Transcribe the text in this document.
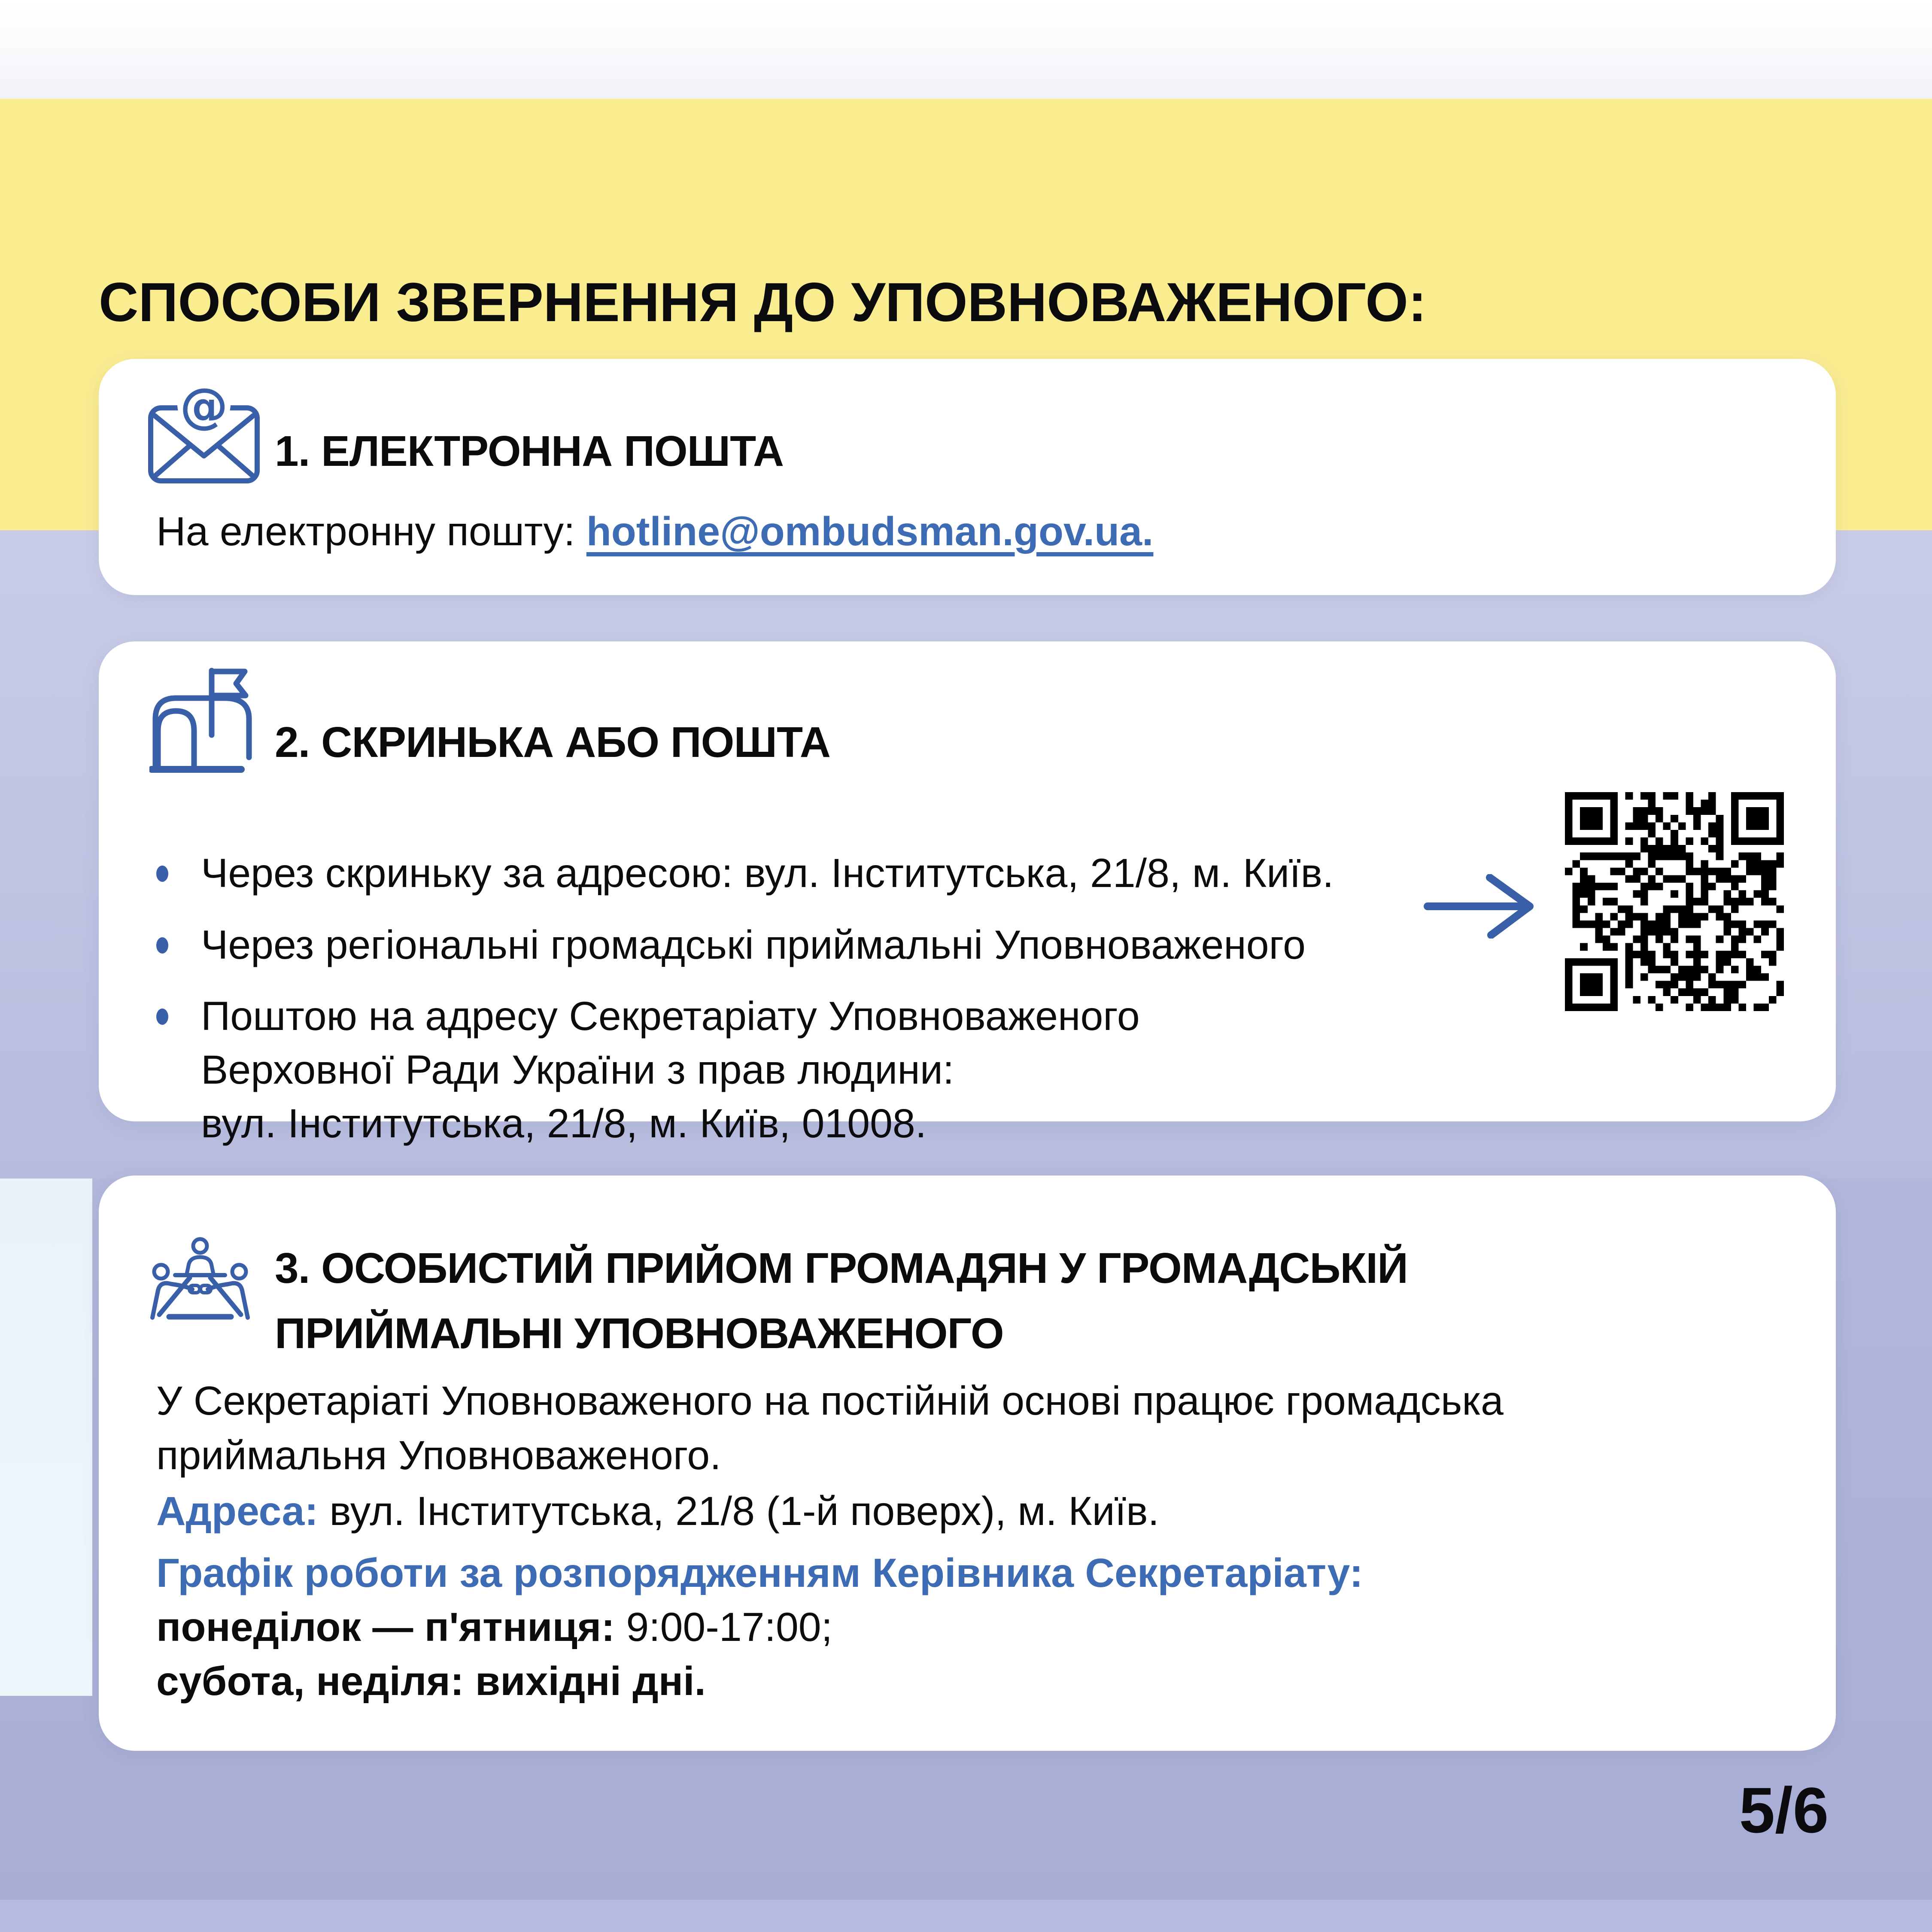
СПОСОБИ ЗВЕРНЕННЯ ДО УПОВНОВАЖЕНОГО:
@
1. ЕЛЕКТРОННА ПОШТА

На електронну пошту: hotline@ombudsman.gov.ua.

2. СКРИНЬКА АБО ПОШТА

Через скриньку за адресою: вул. Інститутська, 21/8, м. Київ.

Через регіональні громадські приймальні Уповноваженого

Поштою на адресу Секретаріату Уповноваженого
Верховної Ради України з прав людини:
вул. Інститутська, 21/8, м. Київ, 01008.

3. ОСОБИСТИЙ ПРИЙОМ ГРОМАДЯН У ГРОМАДСЬКІЙ
ПРИЙМАЛЬНІ УПОВНОВАЖЕНОГО

У Секретаріаті Уповноваженого на постійній основі працює громадська
приймальня Уповноваженого.

Адреса: вул. Інститутська, 21/8 (1-й поверх), м. Київ.

Графік роботи за розпорядженням Керівника Секретаріату:

понеділок — п'ятниця: 9:00-17:00;

субота, неділя: вихідні дні.

5/6
